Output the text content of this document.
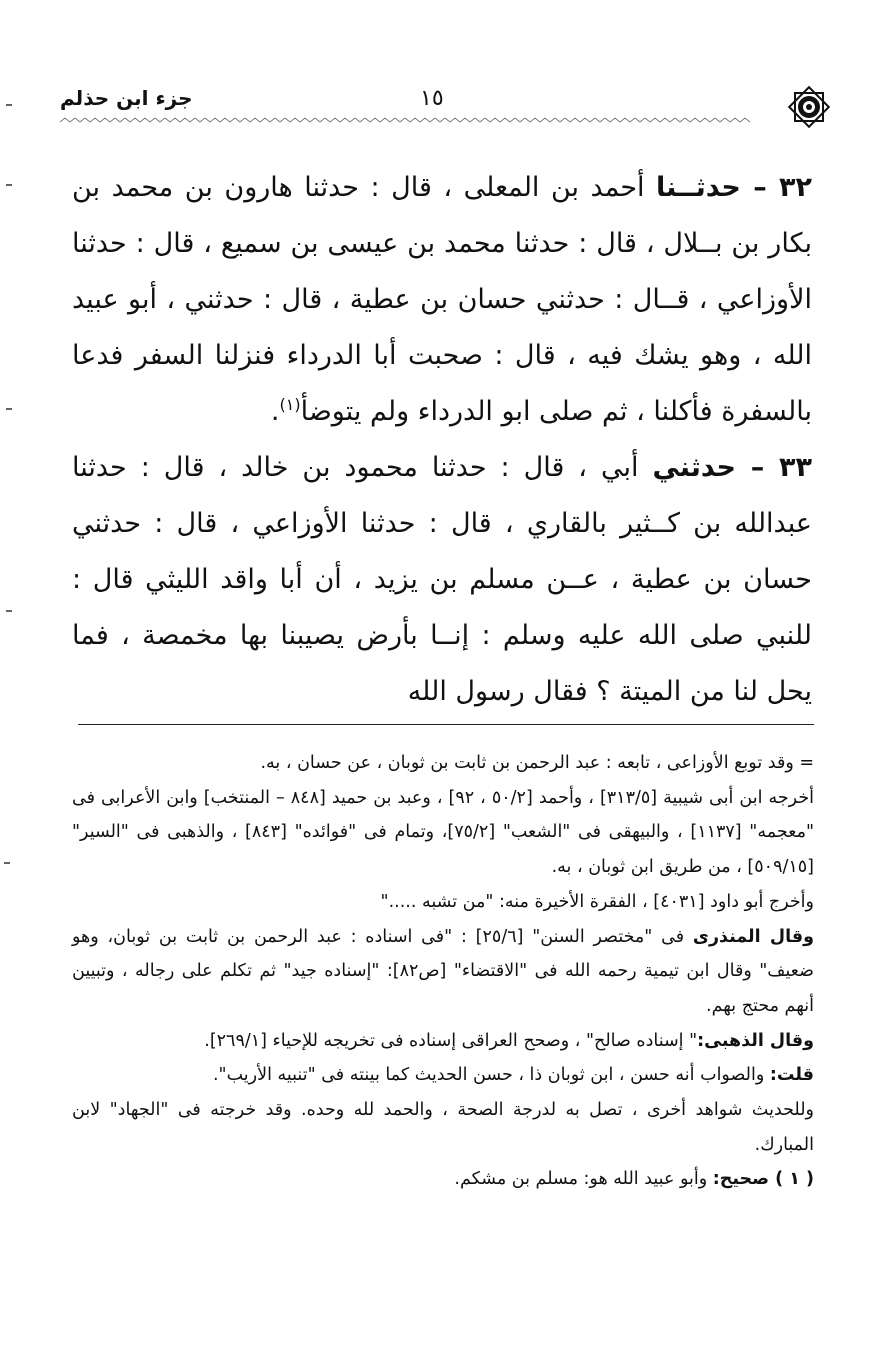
١٥
جزء ابن حذلم

٣٢ – حدثــنا أحمد بن المعلى ، قال : حدثنا هارون بن محمد بن بكار بن بــلال ، قال : حدثنا محمد بن عيسى بن سميع ، قال : حدثنا الأوزاعي ، قــال : حدثني حسان بن عطية ، قال : حدثني ، أبو عبيد الله ، وهو يشك فيه ، قال : صحبت أبا الدرداء فنزلنا السفر فدعا بالسفرة فأكلنا ، ثم صلى ابو الدرداء ولم يتوضأ$^{(١)}$.

٣٣ – حدثني أبي ، قال : حدثنا محمود بن خالد ، قال : حدثنا عبدالله بن كــثير بالقاري ، قال : حدثنا الأوزاعي ، قال : حدثني حسان بن عطية ، عــن مسلم بن يزيد ، أن أبا واقد الليثي قال : للنبي صلى الله عليه وسلم : إنــا بأرض يصيبنا بها مخمصة ، فما يحل لنا من الميتة ؟ فقال رسول الله

= وقد توبع الأوزاعى ، تابعه : عبد الرحمن بن ثابت بن ثوبان ، عن حسان ، به.

أخرجه ابن أبى شيبية [٣١٣/٥] ، وأحمد [٥٠/٢ ، ٩٢] ، وعبد بن حميد [٨٤٨ – المنتخب] وابن الأعرابى فى "معجمه" [١١٣٧] ، والبيهقى فى "الشعب" [٧٥/٢]، وتمام فى "فوائده" [٨٤٣] ، والذهبى فى "السير" [٥٠٩/١٥] ، من طريق ابن ثوبان ، به.

وأخرج أبو داود [٤٠٣١] ، الفقرة الأخيرة منه: "من تشبه ....."

وقال المنذرى فى "مختصر السنن" [٢٥/٦] : "فى اسناده : عبد الرحمن بن ثابت بن ثوبان، وهو ضعيف" وقال ابن تيمية رحمه الله فى "الاقتضاء" [ص٨٢]: "إسناده جيد" ثم تكلم على رجاله ، وتبيين أنهم محتج بهم.

وقال الذهبى:" إسناده صالح" ، وصحح العراقى إسناده فى تخريجه للإحياء [٢٦٩/١].

قلت: والصواب أنه حسن ، ابن ثوبان ذا ، حسن الحديث كما بينته فى "تنبيه الأريب".

وللحديث شواهد أخرى ، تصل به لدرجة الصحة ، والحمد لله وحده. وقد خرجته فى "الجهاد" لابن المبارك.

( ١ ) صحيح: وأبو عبيد الله هو: مسلم بن مشكم.
